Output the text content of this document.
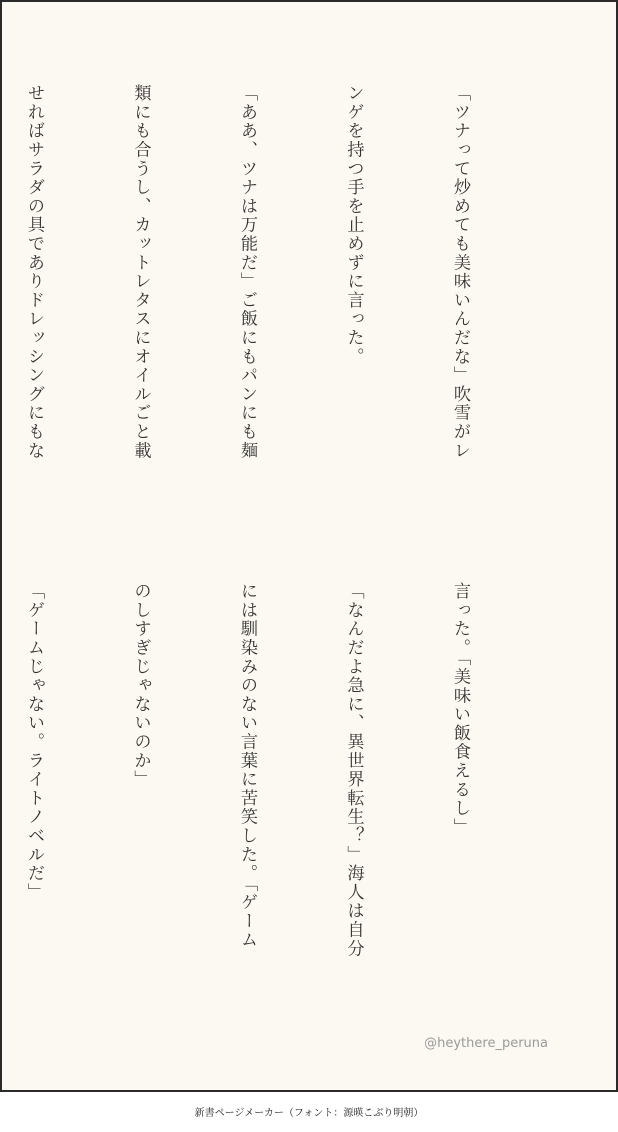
「ツナって炒めても美味いんだな」吹雪がレ

ンゲを持つ手を止めずに言った。

「ああ、ツナは万能だ」ご飯にもパンにも麺

類にも合うし、カットレタスにオイルごと載

せればサラダの具でありドレッシングにもな

言った。「美味い飯食えるし」

「なんだよ急に、異世界転生？」海人は自分

には馴染みのない言葉に苦笑した。「ゲーム

のしすぎじゃないのか」

「ゲームじゃない。ライトノベルだ」

@heythere_peruna
新書ページメーカー（フォント：源暎こぶり明朝）
